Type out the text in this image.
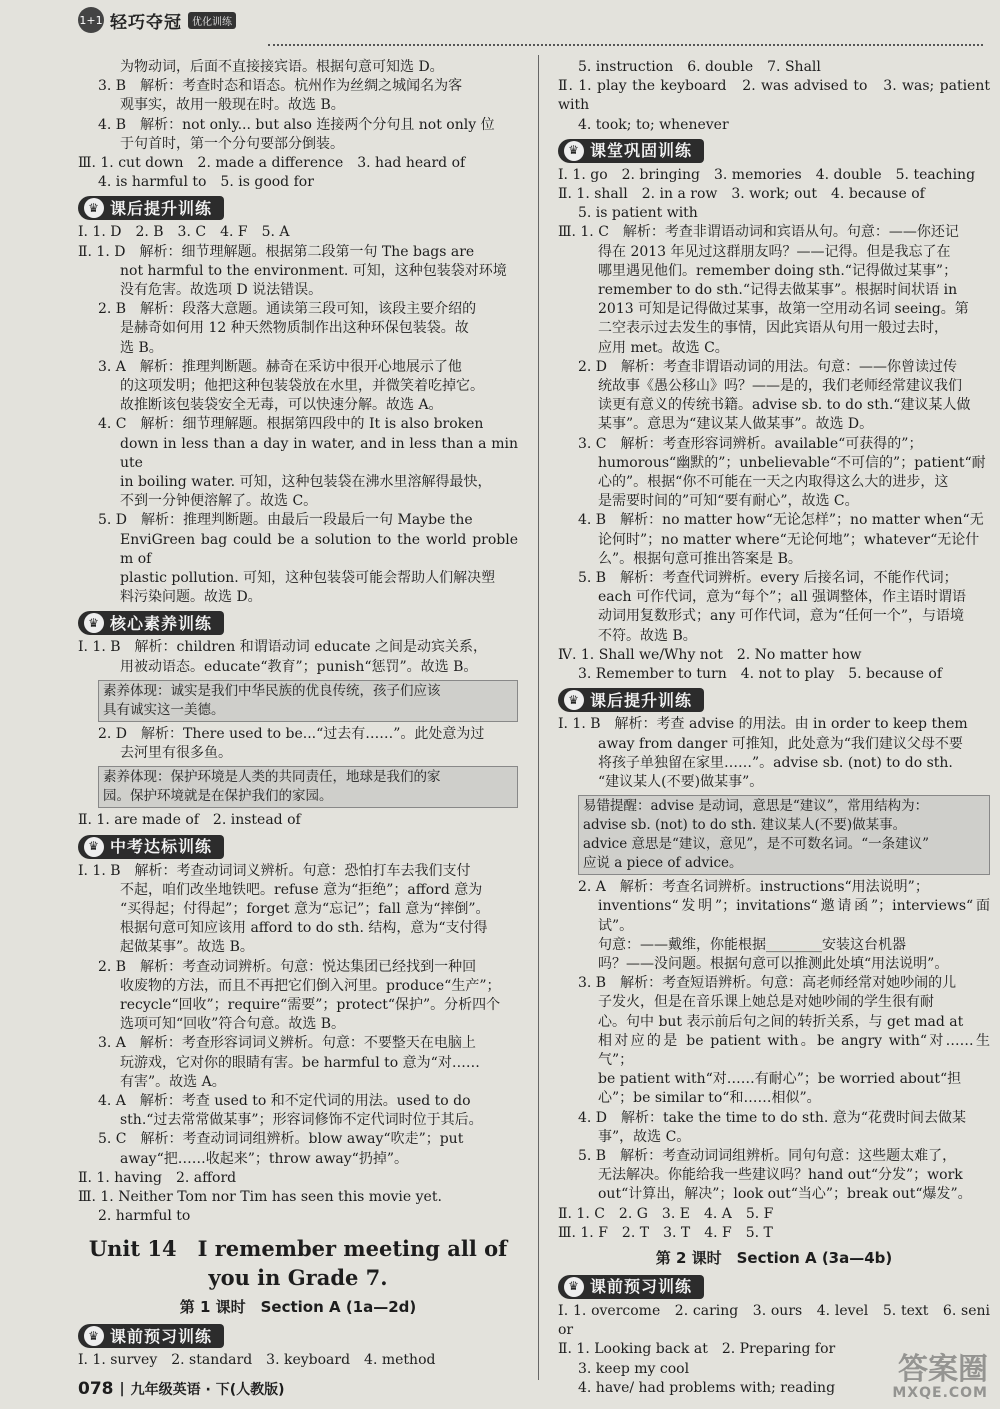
1+1 轻巧夺冠	优化训练
为物动词，后面不直接接宾语。根据句意可知选 D。
3. B　解析：考查时态和语态。杭州作为丝绸之城闻名为客
观事实，故用一般现在时。故选 B。
4. B　解析：not only... but also 连接两个分句且 not only 位
于句首时，第一个分句要部分倒装。
Ⅲ. 1. cut down　2. made a difference　3. had heard of
4. is harmful to　5. is good for
♛ 课后提升训练
Ⅰ. 1. D　2. B　3. C　4. F　5. A
Ⅱ. 1. D　解析：细节理解题。根据第二段第一句 The bags are
not harmful to the environment. 可知，这种包装袋对环境
没有危害。故选项 D 说法错误。
2. B　解析：段落大意题。通读第三段可知，该段主要介绍的
是赫奇如何用 12 种天然物质制作出这种环保包装袋。故
选 B。
3. A　解析：推理判断题。赫奇在采访中很开心地展示了他
的这项发明；他把这种包装袋放在水里，并微笑着吃掉它。
故推断该包装袋安全无毒，可以快速分解。故选 A。
4. C　解析：细节理解题。根据第四段中的 It is also broken
down in less than a day in water, and in less than a minute
in boiling water. 可知，这种包装袋在沸水里溶解得最快，
不到一分钟便溶解了。故选 C。
5. D　解析：推理判断题。由最后一段最后一句 Maybe the
EnviGreen bag could be a solution to the world problem of
plastic pollution. 可知，这种包装袋可能会帮助人们解决塑
料污染问题。故选 D。
♛ 核心素养训练
Ⅰ. 1. B　解析：children 和谓语动词 educate 之间是动宾关系，
用被动语态。educate“教育”；punish“惩罚”。故选 B。
素养体现：诚实是我们中华民族的优良传统，孩子们应该
具有诚实这一美德。
2. D　解析：There used to be...“过去有……”。此处意为过
去河里有很多鱼。
素养体现：保护环境是人类的共同责任，地球是我们的家
园。保护环境就是在保护我们的家园。
Ⅱ. 1. are made of　2. instead of
♛ 中考达标训练
Ⅰ. 1. B　解析：考查动词词义辨析。句意：恐怕打车去我们支付
不起，咱们改坐地铁吧。refuse 意为“拒绝”；afford 意为
“买得起；付得起”；forget 意为“忘记”；fall 意为“摔倒”。
根据句意可知应该用 afford to do sth. 结构，意为“支付得
起做某事”。故选 B。
2. B　解析：考查动词辨析。句意：悦达集团已经找到一种回
收废物的方法，而且不再把它们倒入河里。produce“生产”；
recycle“回收”；require“需要”；protect“保护”。分析四个
选项可知“回收”符合句意。故选 B。
3. A　解析：考查形容词词义辨析。句意：不要整天在电脑上
玩游戏，它对你的眼睛有害。be harmful to 意为“对……
有害”。故选 A。
4. A　解析：考查 used to 和不定代词的用法。used to do
sth.“过去常常做某事”；形容词修饰不定代词时位于其后。
5. C　解析：考查动词词组辨析。blow away“吹走”；put
away“把……收起来”；throw away“扔掉”。
Ⅱ. 1. having　2. afford
Ⅲ. 1. Neither Tom nor Tim has seen this movie yet.
2. harmful to
Unit 14　I remember meeting all of
you in Grade 7.
第 1 课时　Section A (1a—2d)
♛ 课前预习训练
Ⅰ. 1. survey　2. standard　3. keyboard　4. method
5. instruction　6. double　7. Shall
Ⅱ. 1. play the keyboard　2. was advised to　3. was; patient with
4. took; to; whenever
♛ 课堂巩固训练
Ⅰ. 1. go　2. bringing　3. memories　4. double　5. teaching
Ⅱ. 1. shall　2. in a row　3. work; out　4. because of
5. is patient with
Ⅲ. 1. C　解析：考查非谓语动词和宾语从句。句意：——你还记
得在 2013 年见过这群朋友吗？——记得。但是我忘了在
哪里遇见他们。remember doing sth.“记得做过某事”；
remember to do sth.“记得去做某事”。根据时间状语 in
2013 可知是记得做过某事，故第一空用动名词 seeing。第
二空表示过去发生的事情，因此宾语从句用一般过去时，
应用 met。故选 C。
2. D　解析：考查非谓语动词的用法。句意：——你曾读过传
统故事《愚公移山》吗？——是的，我们老师经常建议我们
读更有意义的传统书籍。advise sb. to do sth.“建议某人做
某事”。意思为“建议某人做某事”。故选 D。
3. C　解析：考查形容词辨析。available“可获得的”；
humorous“幽默的”；unbelievable“不可信的”；patient“耐
心的”。根据“你不可能在一天之内取得这么大的进步，这
是需要时间的”可知“要有耐心”，故选 C。
4. B　解析：no matter how“无论怎样”；no matter when“无
论何时”；no matter where“无论何地”；whatever“无论什
么”。根据句意可推出答案是 B。
5. B　解析：考查代词辨析。every 后接名词，不能作代词；
each 可作代词，意为“每个”；all 强调整体，作主语时谓语
动词用复数形式；any 可作代词，意为“任何一个”，与语境
不符。故选 B。
Ⅳ. 1. Shall we/Why not　2. No matter how
3. Remember to turn　4. not to play　5. because of
♛ 课后提升训练
Ⅰ. 1. B　解析：考查 advise 的用法。由 in order to keep them
away from danger 可推知，此处意为“我们建议父母不要
将孩子单独留在家里……”。advise sb. (not) to do sth.
“建议某人(不要)做某事”。
易错提醒：advise 是动词，意思是“建议”，常用结构为：
advise sb. (not) to do sth. 建议某人(不要)做某事。
advice 意思是“建议，意见”，是不可数名词。“一条建议”
应说 a piece of advice。
2. A　解析：考查名词辨析。instructions“用法说明”；
inventions“发明”；invitations“邀请函”；interviews“面试”。
句意：——戴维，你能根据________安装这台机器
吗？——没问题。根据句意可以推测此处填“用法说明”。
3. B　解析：考查短语辨析。句意：高老师经常对她吵闹的儿
子发火，但是在音乐课上她总是对她吵闹的学生很有耐
心。句中 but 表示前后句之间的转折关系，与 get mad at
相对应的是 be patient with。be angry with“对……生气”；
be patient with“对……有耐心”；be worried about“担
心”；be similar to“和……相似”。
4. D　解析：take the time to do sth. 意为“花费时间去做某
事”，故选 C。
5. B　解析：考查动词词组辨析。同句句意：这些题太难了，
无法解决。你能给我一些建议吗？hand out“分发”；work
out“计算出，解决”；look out“当心”；break out“爆发”。
Ⅱ. 1. C　2. G　3. E　4. A　5. F
Ⅲ. 1. F　2. T　3. T　4. F　5. T
第 2 课时　Section A (3a—4b)
♛ 课前预习训练
Ⅰ. 1. overcome　2. caring　3. ours　4. level　5. text　6. senior
Ⅱ. 1. Looking back at　2. Preparing for
3. keep my cool
4. have/ had problems with; reading
078 | 九年级英语 · 下(人教版)
答案圈
MXQE.COM
